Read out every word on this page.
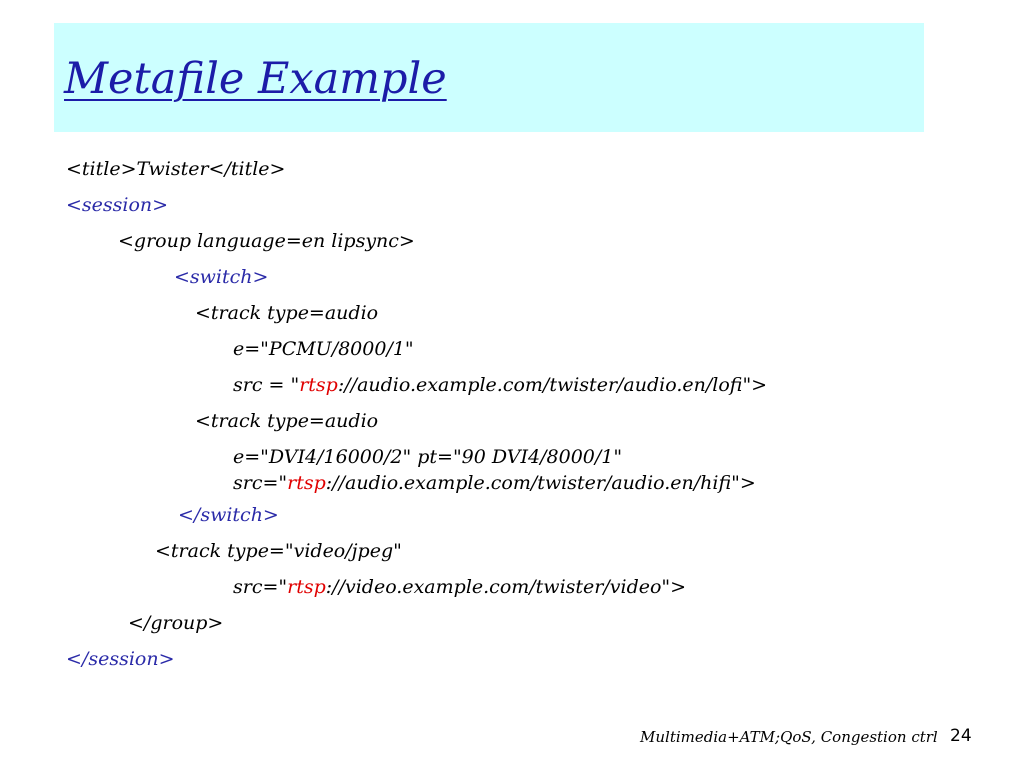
Metafile Example
<title>Twister</title>
<session>
<group language=en lipsync>
<switch>
<track type=audio
e="PCMU/8000/1"
src = "rtsp://audio.example.com/twister/audio.en/lofi">
<track type=audio
e="DVI4/16000/2" pt="90 DVI4/8000/1"
src="rtsp://audio.example.com/twister/audio.en/hifi">
</switch>
<track type="video/jpeg"
src="rtsp://video.example.com/twister/video">
</group>
</session>
Multimedia+ATM;QoS, Congestion ctrl 24
